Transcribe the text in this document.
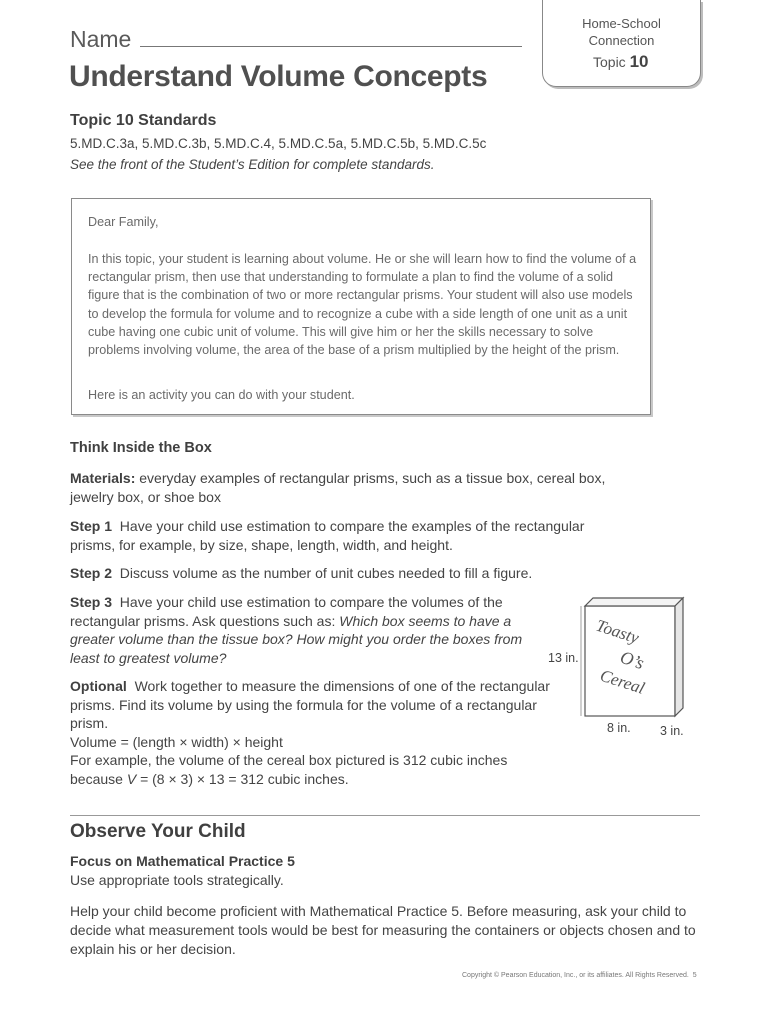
Name
Understand Volume Concepts
Home-School
Connection
Topic 10
Topic 10 Standards
5.MD.C.3a, 5.MD.C.3b, 5.MD.C.4, 5.MD.C.5a, 5.MD.C.5b, 5.MD.C.5c
See the front of the Student’s Edition for complete standards.
Dear Family,
In this topic, your student is learning about volume. He or she will learn how to find the volume of a rectangular prism, then use that understanding to formulate a plan to find the volume of a solid figure that is the combination of two or more rectangular prisms. Your student will also use models to develop the formula for volume and to recognize a cube with a side length of one unit as a unit cube having one cubic unit of volume. This will give him or her the skills necessary to solve problems involving volume, the area of the base of a prism multiplied by the height of the prism.
Here is an activity you can do with your student.
Think Inside the Box
Materials: everyday examples of rectangular prisms, such as a tissue box, cereal box, jewelry box, or shoe box
Step 1 Have your child use estimation to compare the examples of the rectangular prisms, for example, by size, shape, length, width, and height.
Step 2 Discuss volume as the number of unit cubes needed to fill a figure.
Step 3 Have your child use estimation to compare the volumes of the rectangular prisms. Ask questions such as: Which box seems to have a greater volume than the tissue box? How might you order the boxes from least to greatest volume?
Optional Work together to measure the dimensions of one of the rectangular prisms. Find its volume by using the formula for the volume of a rectangular prism.
Volume = (length × width) × height
For example, the volume of the cereal box pictured is 312 cubic inches
because V = (8 × 3) × 13 = 312 cubic inches.
Toasty
O’s
Cereal
13 in.
8 in. 3 in.
Observe Your Child
Focus on Mathematical Practice 5
Use appropriate tools strategically.
Help your child become proficient with Mathematical Practice 5. Before measuring, ask your child to decide what measurement tools would be best for measuring the containers or objects chosen and to explain his or her decision.
Copyright © Pearson Education, Inc., or its affiliates. All Rights Reserved. 5
